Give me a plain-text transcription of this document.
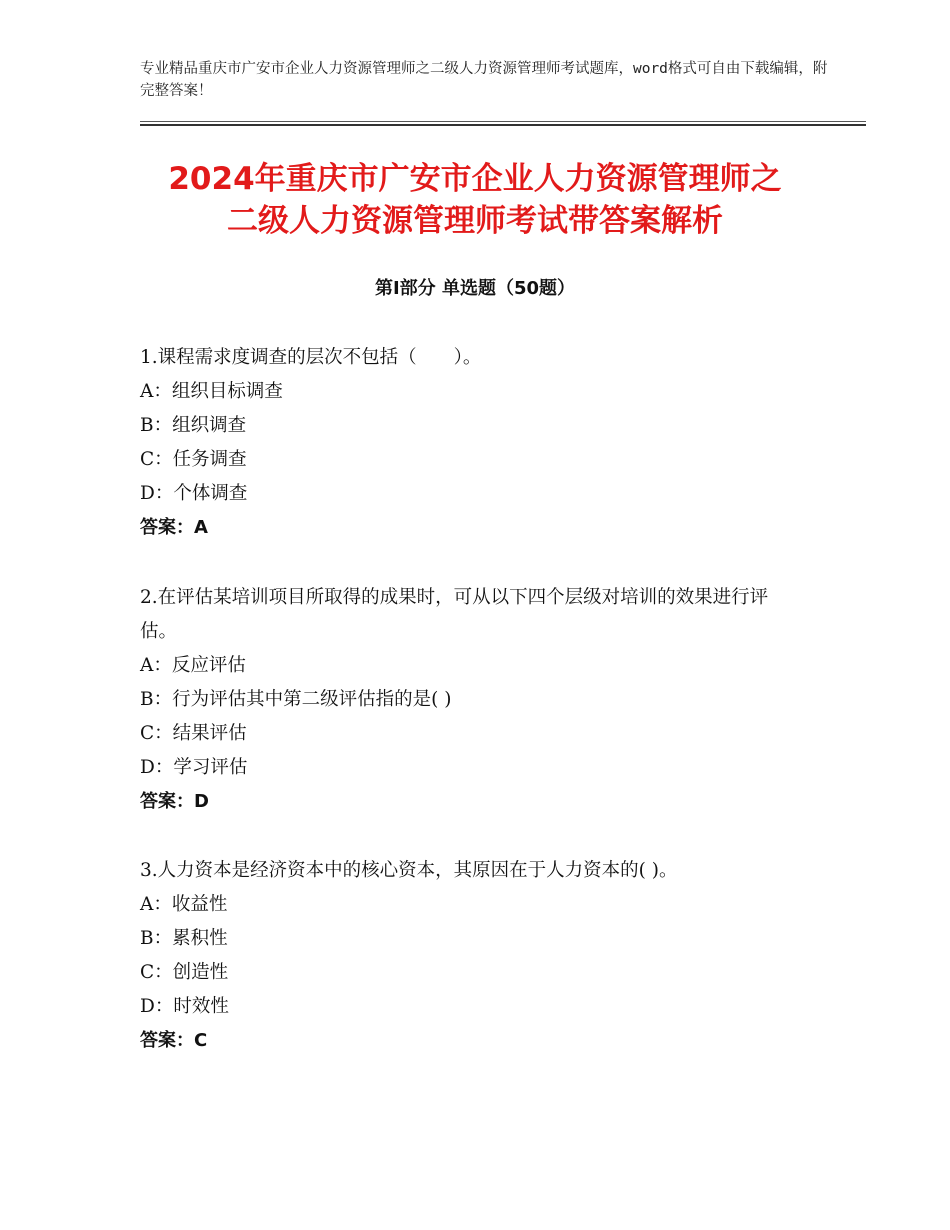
专业精品重庆市广安市企业人力资源管理师之二级人力资源管理师考试题库，word格式可自由下载编辑，附完整答案！
2024年重庆市广安市企业人力资源管理师之
二级人力资源管理师考试带答案解析
第Ⅰ部分 单选题（50题）
1.课程需求度调查的层次不包括（　　）。
A：组织目标调查
B：组织调查
C：任务调查
D：个体调查
答案：A
2.在评估某培训项目所取得的成果时，可从以下四个层级对培训的效果进行评估。
A：反应评估
B：行为评估其中第二级评估指的是( )
C：结果评估
D：学习评估
答案：D
3.人力资本是经济资本中的核心资本，其原因在于人力资本的( )。
A：收益性
B：累积性
C：创造性
D：时效性
答案：C
